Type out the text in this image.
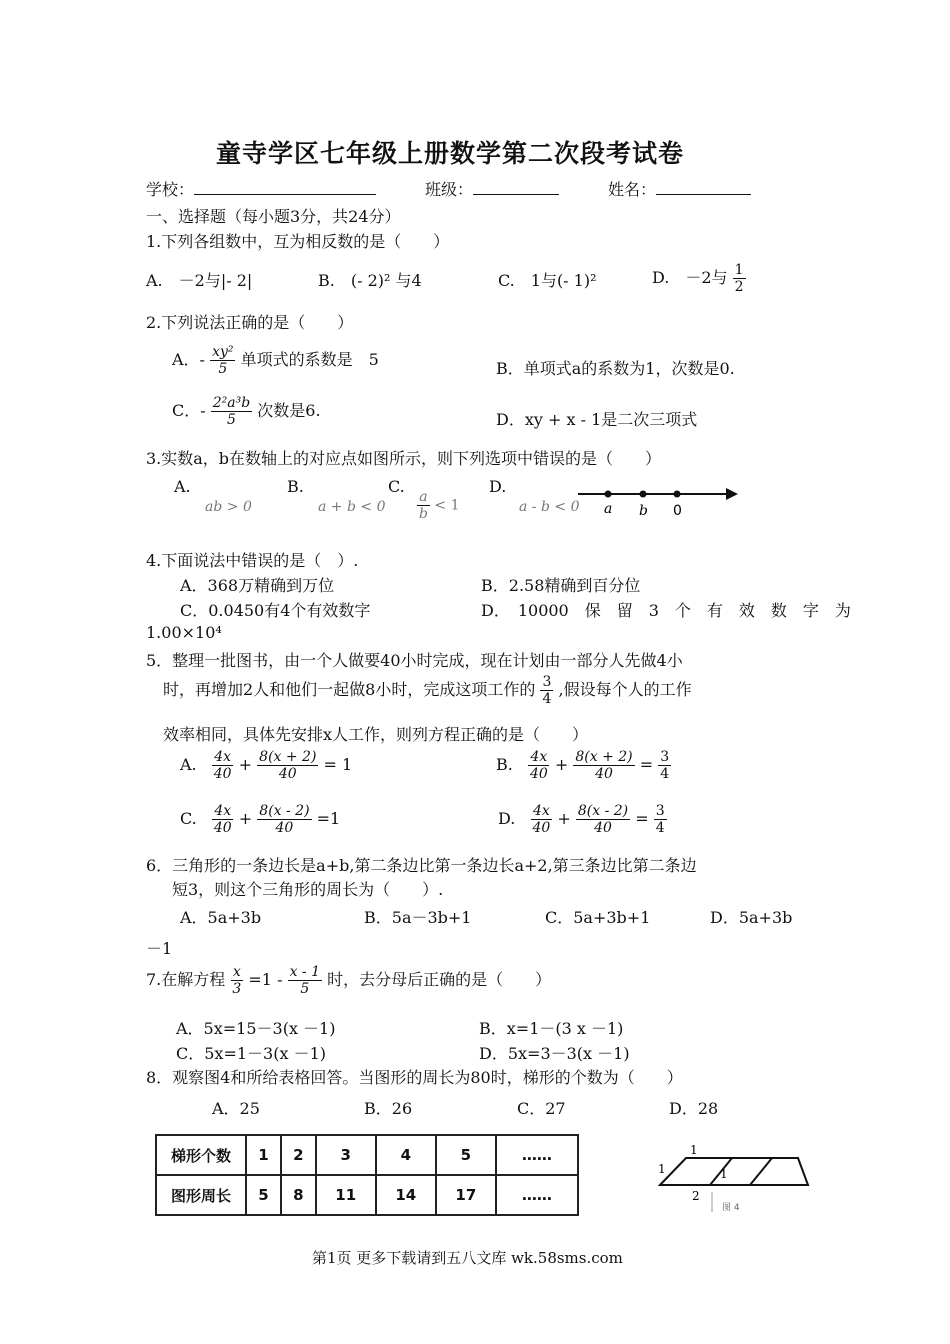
童寺学区七年级上册数学第二次段考试卷
学校：	班级：	姓名：
一、选择题（每小题3分，共24分）
1.下列各组数中，互为相反数的是（　　）
A.　－2与|- 2|	B.　(- 2)² 与4	C.　1与(- 1)²	D.　－2与 $\frac{1}{2}$
2.下列说法正确的是（　　）
A．- $\frac{\text{xy²}}{5}$ 单项式的系数是　5	B．单项式a的系数为1，次数是0.
C．- $\frac{\text{2²a³b}}{5}$ 次数是6.	D．xy + x - 1是二次三项式
3.实数a，b在数轴上的对应点如图所示，则下列选项中错误的是（　　）
A.	B.	C.	D.
ab > 0	$a + b < 0 \frac{a}{b} < 1$	a - b < 0 a b 0
4.下面说法中错误的是（　）.
A．368万精确到万位	B．2.58精确到百分位
C．0.0450有4个有效数字	D．　10000　保　留　3　个　有　效　数　字　为
1.00×10⁴
5．整理一批图书，由一个人做要40小时完成，现在计划由一部分人先做4小
时，再增加2人和他们一起做8小时，完成这项工作的 $\frac{3}{4}$ ,假设每个人的工作
效率相同，具体先安排x人工作，则列方程正确的是（　　）
A. $\frac{4x}{40} + \frac{8(x + 2)}{40} = 1$	B. $\frac{4x}{40} + \frac{8(x + 2)}{40} = \frac{3}{4}$
C. $\frac{4x}{40} + \frac{8(x - 2)}{40} =1$	D. $\frac{4x}{40} + \frac{8(x - 2)}{40} = \frac{3}{4}$
6．三角形的一条边长是a+b,第二条边比第一条边长a+2,第三条边比第二条边
短3，则这个三角形的周长为（　　）.
A．5a+3b	B．5a－3b+1	C．5a+3b+1	D．5a+3b
－1
7.在解方程 $\frac{x}{3} =1 - \frac{x - 1}{5}$ 时，去分母后正确的是（　　）
A．5x=15－3(x －1)	B．x=1－(3 x －1)
C．5x=1－3(x －1)	D．5x=3－3(x －1)
8．观察图4和所给表格回答。当图形的周长为80时，梯形的个数为（　　）
A．25	B．26	C．27	D．28
梯形个数	1	2	3	4	5	……
图形周长	5	8	11	14	17	……
1
1	1
2
图 4
第1页 更多下载请到五八文库 wk.58sms.com
